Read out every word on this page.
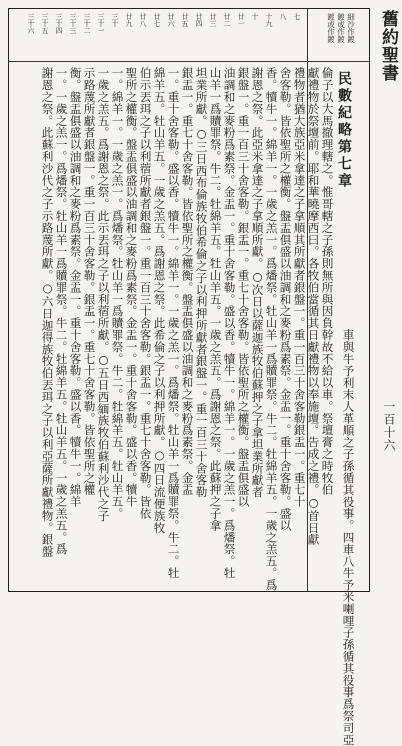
舊約聖書
一百十六
鍍或作鍍 鍍或作鍍 細沙作鍍
七
八
十九
十
廿一
廿二
廿三
廿四
廿五
廿六
廿七
廿八
廿九
三十
三十一
三十二
三十三
三十四
三十五
三十六
民數紀略第七章
車與牛予利末人革順之子孫循其役事。四車八牛予米喇哩子孫循其役事爲祭司亞
倫子以大馬撤理轄之。惟哥轄之子孫則無所與因負幹故不給以車。祭壇膏之時牧伯
獻禮物於祭壇前。耶和華曉摩西曰。各牧伯當循其日獻禮物以奉施壇。告成之禮。○首日獻
禮物者猶大族亞米拿達之子拿順其所獻者銀盤一。重一百三十舍客勒銀盂一。重七十
舍客勒。皆依聖所之權衡。盤盂俱盛以油調和之麥粉爲素祭。金盂一。重十舍客勒。盛以
香。犢牛一。綿羊一。一歲之羔一。爲燔祭。牡山羊一爲贖罪祭。牛二。牡綿羊五。一歲之羔五。爲
謝恩之祭。此亞米拿達之子拿順所獻。○次日以薩迦族牧伯蘇押之子拿坦業所獻者
銀盤一。重一百三十舍客勒。銀盂一。重七十舍客勒。皆依聖所之權衡。盤盂俱盛以
油調和之麥粉爲素祭。金盂一。重十舍客勒。盛以香。犢牛一。綿羊一。一歲之羔一。爲燔祭。牡
山羊一爲贖罪祭。牛二。牡綿羊五。牡山羊五。一歲之羔五。爲謝恩之祭。此蘇押之子拿
坦業所獻。○三日西布倫族牧伯希倫之子以利押所獻者銀盤一。重一百三十舍客勒
銀盂一。重七十舍客勒。皆依聖所之權衡。盤盂俱盛以油調和之麥粉爲素祭。金盂
一。重十舍客勒。盛以香。犢牛一。綿羊一。一歲之羔一。爲燔祭。牡山羊一爲贖罪祭。牛二。牡
綿羊五。牡山羊五。一歲之羔五。爲謝恩之祭。此希倫之子以利押所獻。○四日流便族牧
伯示丟珥之子以利蓿所獻者銀盤一。重一百三十舍客勒。銀盂一。重七十舍客勒。皆依
聖所之權衡。盤盂俱盛以油調和之麥粉爲素祭。金盂一。重十舍客勒。盛以香。犢牛
一。綿羊一。一歲之羔一。爲燔祭。牡山羊一爲贖罪祭。牛二。牡綿羊五。牡山羊五。
一歲之羔五。爲謝恩之祭。此示丟珥之子以利蓿所獻。○五日西緬族牧伯蘇利沙代之子
示路蔑所獻者銀盤一。重一百三十舍客勒。銀盂一。重七十舍客勒。皆依聖所之權
衡。盤盂俱盛以油調和之麥粉爲素祭。金盂一。重十舍客勒。盛以香。犢牛一。綿羊
一。一歲之羔一。爲燔祭。牡山羊一爲贖罪祭。牛二。牡綿羊五。牡山羊五。一歲之羔五。爲
謝恩之祭。此蘇利沙代之子示路蔑所獻。○六日迦得族牧伯丟珥之子以利亞薩所獻禮物。銀盤
